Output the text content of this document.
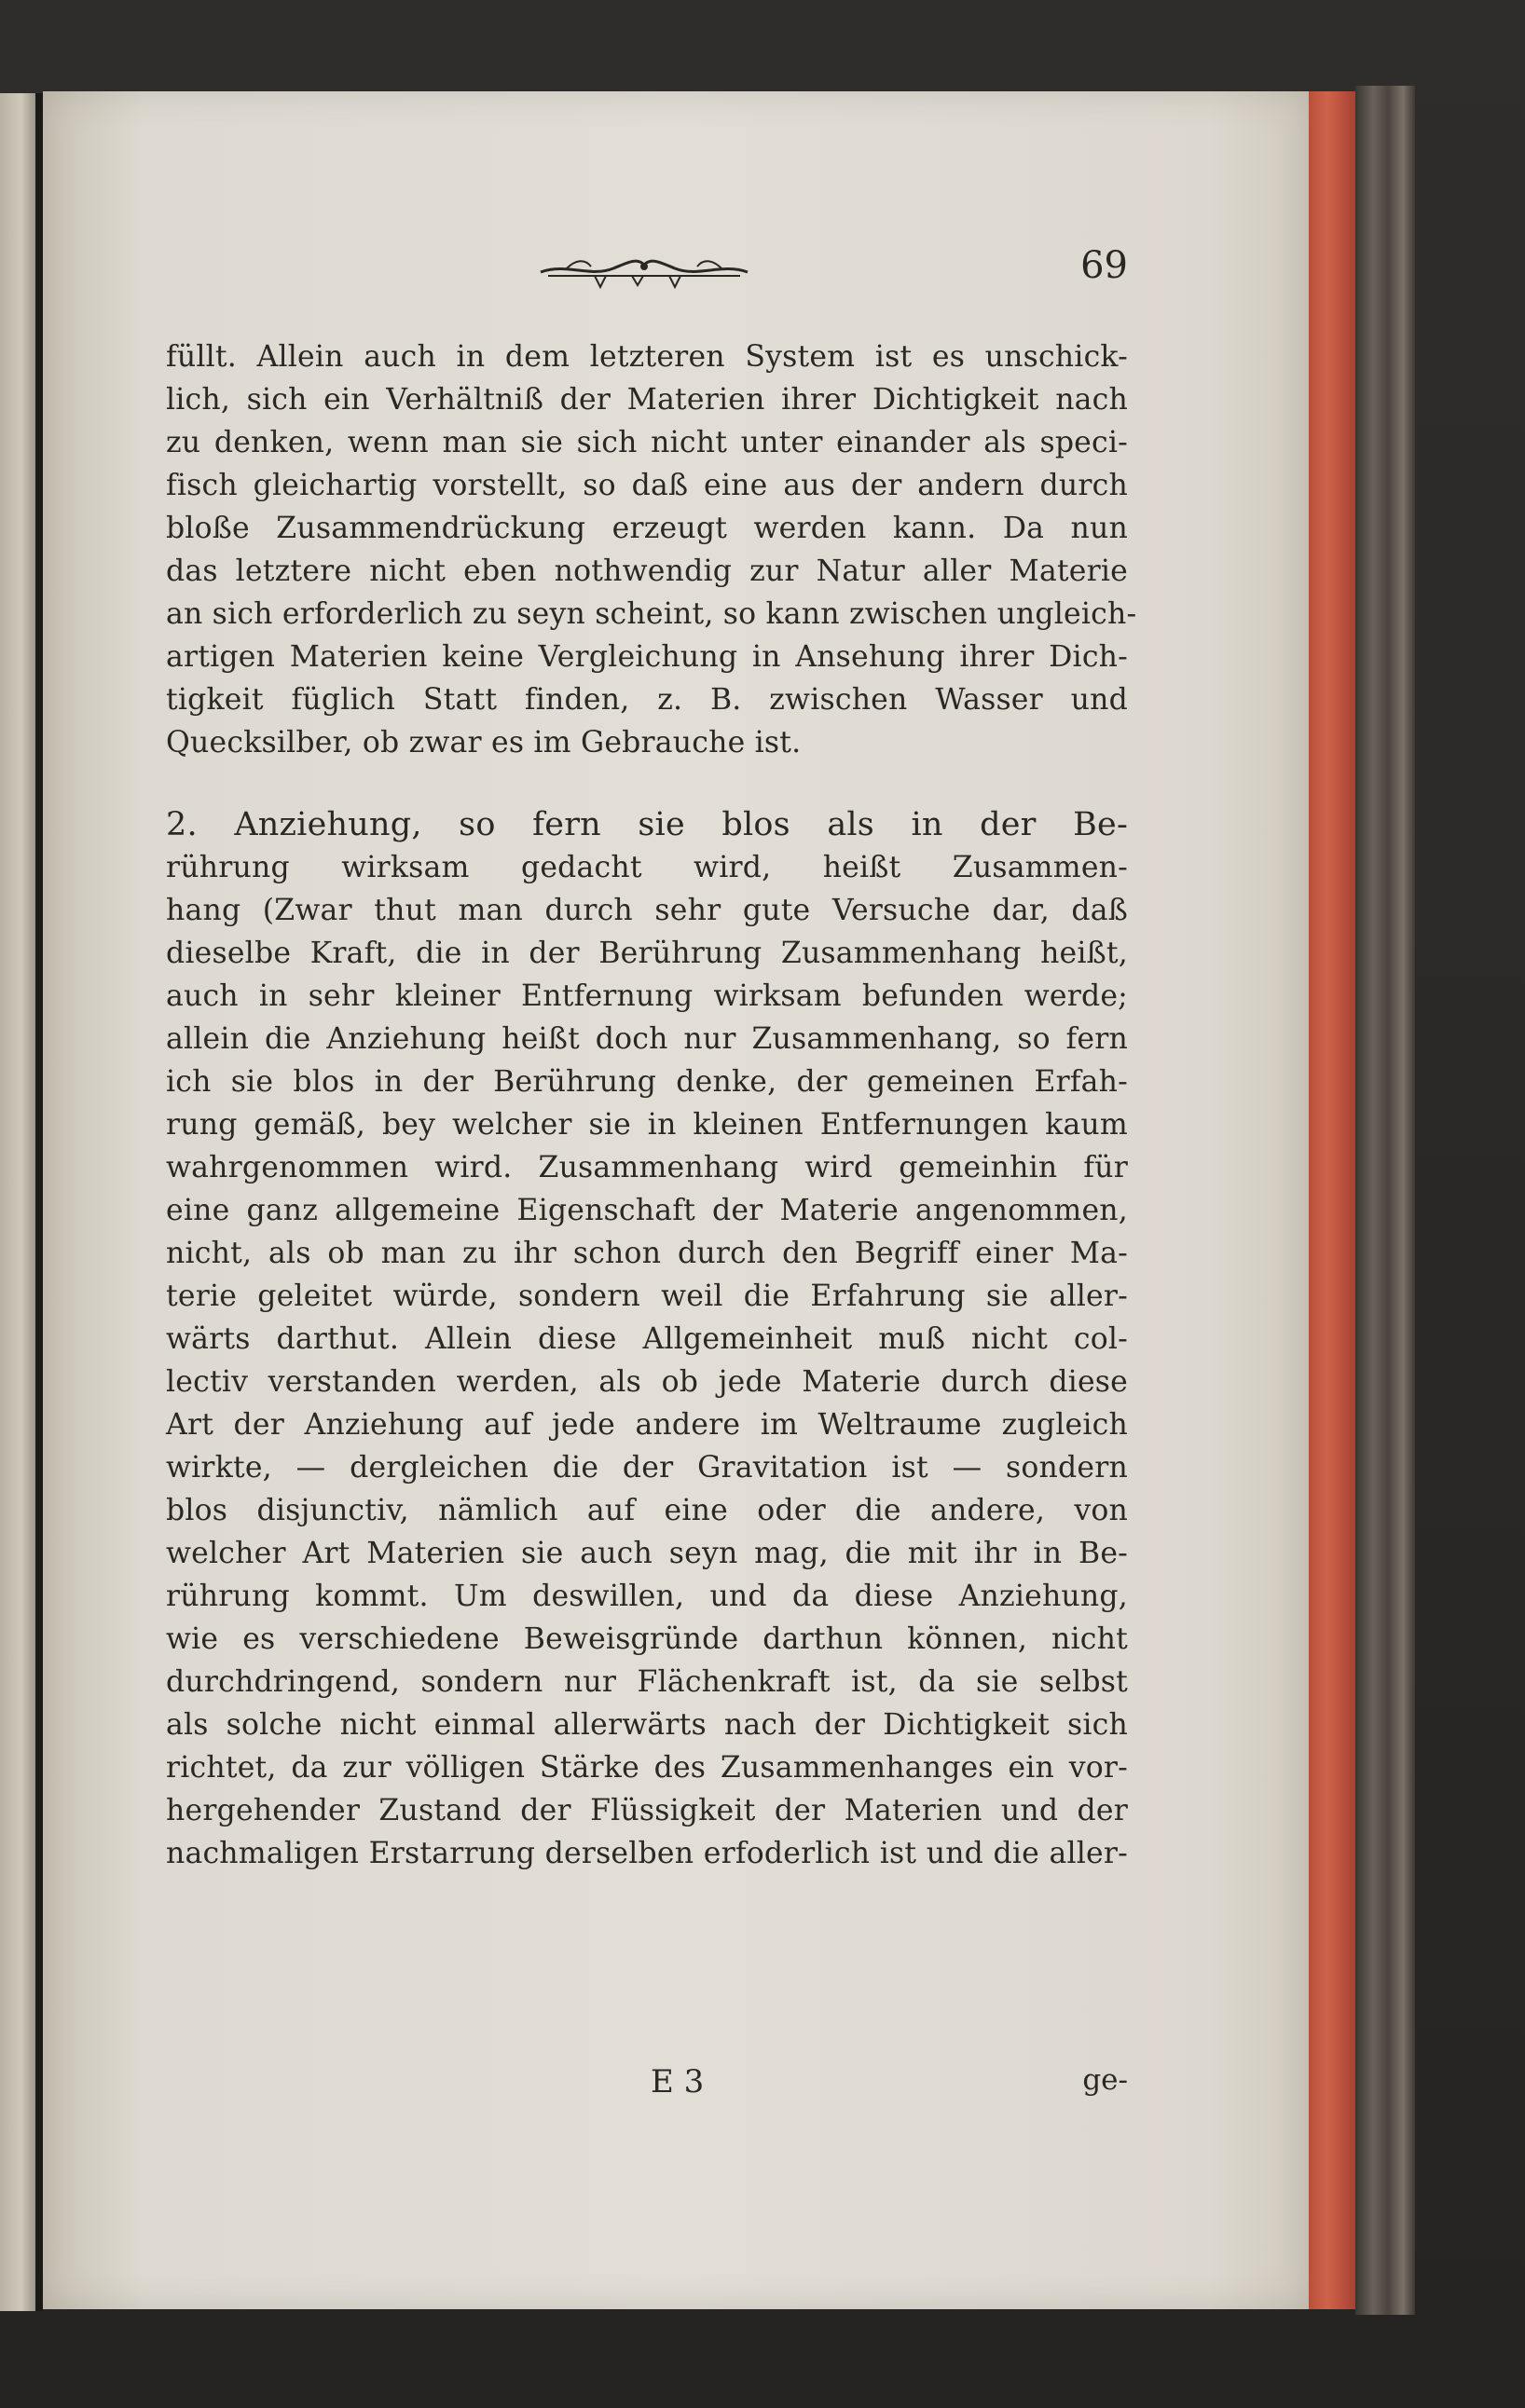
69
füllt. Allein auch in dem letzteren System ist es unschick-
lich, sich ein Verhältniß der Materien ihrer Dichtigkeit nach
zu denken, wenn man sie sich nicht unter einander als speci-
fisch gleichartig vorstellt, so daß eine aus der andern durch
bloße Zusammendrückung erzeugt werden kann. Da nun
das letztere nicht eben nothwendig zur Natur aller Materie
an sich erforderlich zu seyn scheint, so kann zwischen ungleich-
artigen Materien keine Vergleichung in Ansehung ihrer Dich-
tigkeit füglich Statt finden, z. B. zwischen Wasser und
Quecksilber, ob zwar es im Gebrauche ist.
2. Anziehung, so fern sie blos als in der Be-
rührung wirksam gedacht wird, heißt Zusammen-
hang (Zwar thut man durch sehr gute Versuche dar, daß
dieselbe Kraft, die in der Berührung Zusammenhang heißt,
auch in sehr kleiner Entfernung wirksam befunden werde;
allein die Anziehung heißt doch nur Zusammenhang, so fern
ich sie blos in der Berührung denke, der gemeinen Erfah-
rung gemäß, bey welcher sie in kleinen Entfernungen kaum
wahrgenommen wird. Zusammenhang wird gemeinhin für
eine ganz allgemeine Eigenschaft der Materie angenommen,
nicht, als ob man zu ihr schon durch den Begriff einer Ma-
terie geleitet würde, sondern weil die Erfahrung sie aller-
wärts darthut. Allein diese Allgemeinheit muß nicht col-
lectiv verstanden werden, als ob jede Materie durch diese
Art der Anziehung auf jede andere im Weltraume zugleich
wirkte, — dergleichen die der Gravitation ist — sondern
blos disjunctiv, nämlich auf eine oder die andere, von
welcher Art Materien sie auch seyn mag, die mit ihr in Be-
rührung kommt. Um deswillen, und da diese Anziehung,
wie es verschiedene Beweisgründe darthun können, nicht
durchdringend, sondern nur Flächenkraft ist, da sie selbst
als solche nicht einmal allerwärts nach der Dichtigkeit sich
richtet, da zur völligen Stärke des Zusammenhanges ein vor-
hergehender Zustand der Flüssigkeit der Materien und der
nachmaligen Erstarrung derselben erfoderlich ist und die aller-
E 3	ge-
